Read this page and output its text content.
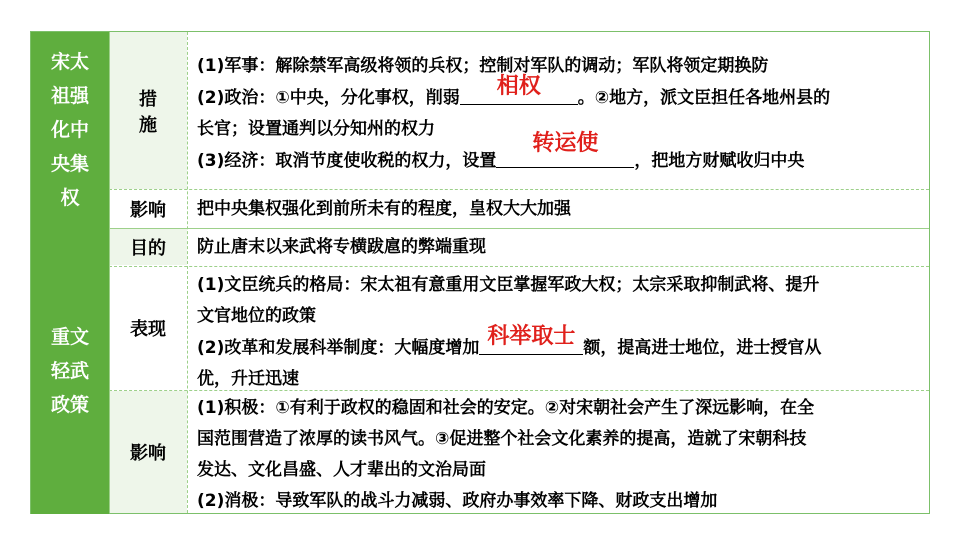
宋太
祖强
化中
央集
权
重文
轻武
政策
措
施
(1)军事：解除禁军高级将领的兵权；控制对军队的调动；军队将领定期换防
(2)政治：①中央，分化事权，削弱 相权 。②地方，派文臣担任各地州县的
长官；设置通判以分知州的权力
(3)经济：取消节度使收税的权力，设置
转运使
，把地方财赋收归中央
影响	把中央集权强化到前所未有的程度，皇权大大加强
目的	防止唐末以来武将专横跋扈的弊端重现
表现
(1)文臣统兵的格局：宋太祖有意重用文臣掌握军政大权；太宗采取抑制武将、提升
文官地位的政策
(2)改革和发展科举制度：大幅度增加 科举取士 额，提高进士地位，进士授官从
优，升迁迅速
影响
(1)积极：①有利于政权的稳固和社会的安定。②对宋朝社会产生了深远影响，在全
国范围营造了浓厚的读书风气。③促进整个社会文化素养的提高，造就了宋朝科技
发达、文化昌盛、人才辈出的文治局面
(2)消极：导致军队的战斗力减弱、政府办事效率下降、财政支出增加
